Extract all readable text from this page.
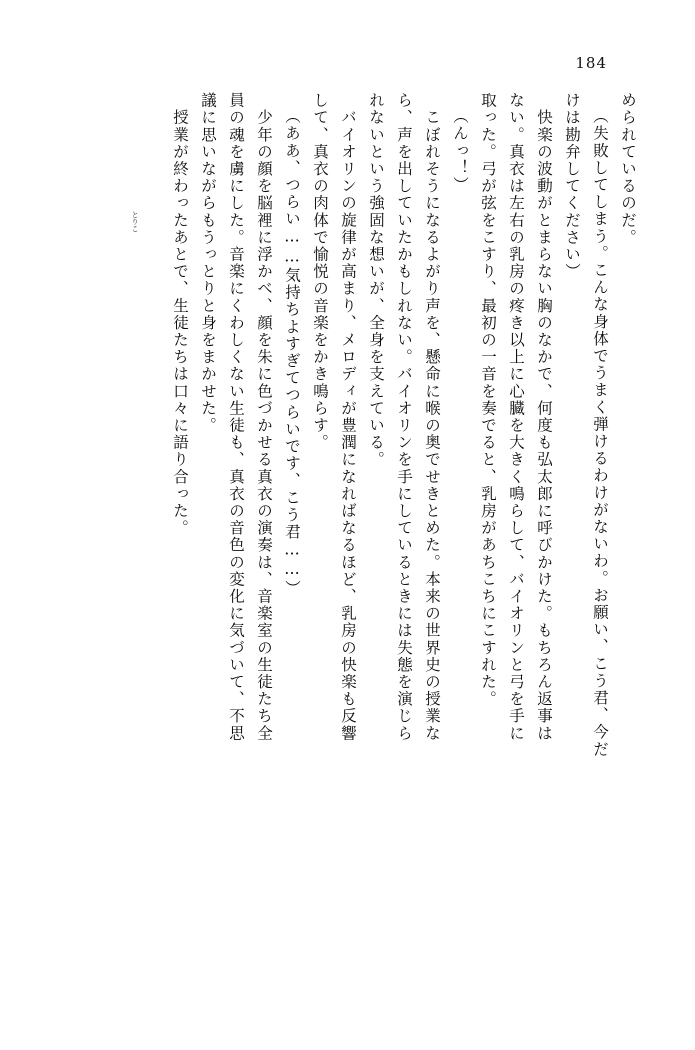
184
められているのだ。
（失敗してしまう。こんな身体でうまく弾けるわけがないわ。お願い、こう君、今だ
けは勘弁してください）
　快楽の波動がとまらない胸のなかで、何度も弘太郎に呼びかけた。もちろん返事は
ない。真衣は左右の乳房の疼き以上に心臓を大きく鳴らして、バイオリンと弓を手に
取った。弓が弦をこすり、最初の一音を奏でると、乳房があちこちにこすれた。
（んっ！）
　こぼれそうになるよがり声を、懸命に喉の奥でせきとめた。本来の世界史の授業な
ら、声を出していたかもしれない。バイオリンを手にしているときには失態を演じら
れないという強固な想いが、全身を支えている。
　バイオリンの旋律が高まり、メロディが豊潤になればなるほど、乳房の快楽も反響
して、真衣の肉体で愉悦の音楽をかき鳴らす。
（ああ、つらい……気持ちよすぎてつらいです、こう君……）
　少年の顔を脳裡に浮かべ、顔を朱に色づかせる真衣の演奏は、音楽室の生徒たち全
員の魂を虜にした。音楽にくわしくない生徒も、真衣の音色の変化に気づいて、不思
議に思いながらもうっとりと身をまかせた。
　授業が終わったあとで、生徒たちは口々に語り合った。
とりこ
